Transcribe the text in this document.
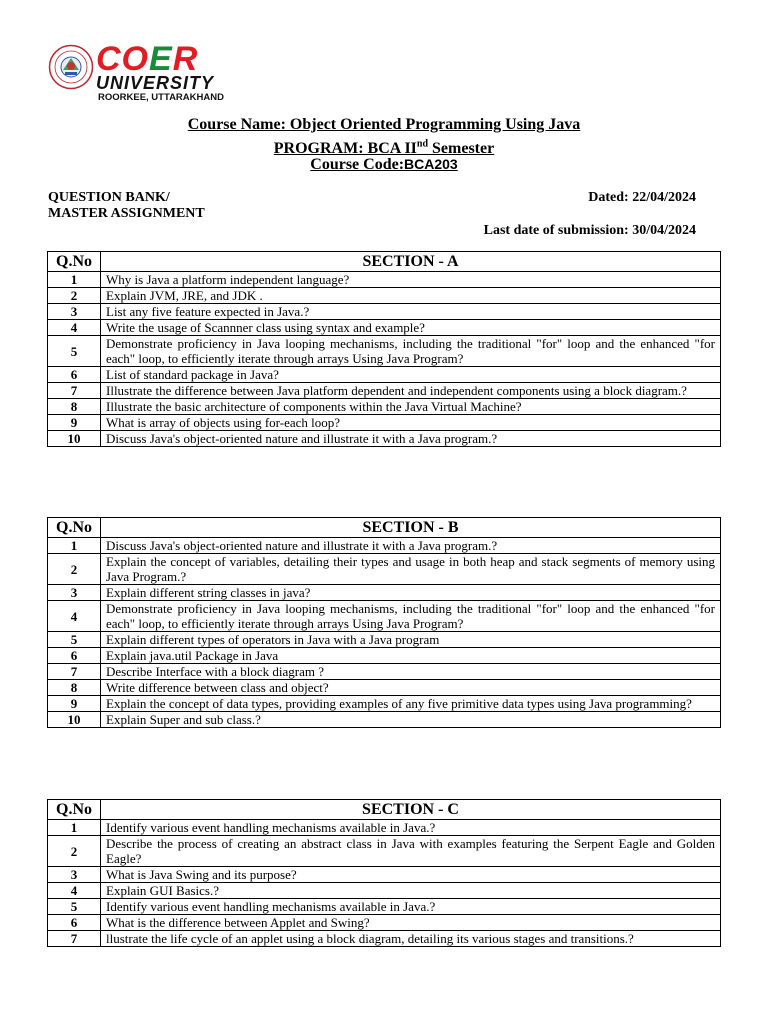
COER
UNIVERSITY
ROORKEE, UTTARAKHAND
Course Name: Object Oriented Programming Using Java
PROGRAM: BCA IInd Semester
Course Code:BCA203
QUESTION BANK/
MASTER ASSIGNMENT
Dated: 22/04/2024
Last date of submission: 30/04/2024
Q.No	SECTION - A
1	Why is Java a platform independent language?
2	Explain JVM, JRE, and JDK .
3	List any five feature expected in Java.?
4	Write the usage of Scannner class using syntax and example?
5	Demonstrate proficiency in Java looping mechanisms, including the traditional "for" loop and the enhanced "for each" loop, to efficiently iterate through arrays Using Java Program?
6	List of standard package in Java?
7	Illustrate the difference between Java platform dependent and independent components using a block diagram.?
8	Illustrate the basic architecture of components within the Java Virtual Machine?
9	What is array of objects using for-each loop?
10	Discuss Java's object-oriented nature and illustrate it with a Java program.?
Q.No	SECTION - B
1	Discuss Java's object-oriented nature and illustrate it with a Java program.?
2	Explain the concept of variables, detailing their types and usage in both heap and stack segments of memory using Java Program.?
3	Explain different string classes in java?
4	Demonstrate proficiency in Java looping mechanisms, including the traditional "for" loop and the enhanced "for each" loop, to efficiently iterate through arrays Using Java Program?
5	Explain different types of operators in Java with a Java program
6	Explain java.util Package in Java
7	Describe Interface with a block diagram ?
8	Write difference between class and object?
9	Explain the concept of data types, providing examples of any five primitive data types using Java programming?
10	Explain Super and sub class.?
Q.No	SECTION - C
1	Identify various event handling mechanisms available in Java.?
2	Describe the process of creating an abstract class in Java with examples featuring the Serpent Eagle and Golden Eagle?
3	What is Java Swing and its purpose?
4	Explain GUI Basics.?
5	Identify various event handling mechanisms available in Java.?
6	What is the difference between Applet and Swing?
7	llustrate the life cycle of an applet using a block diagram, detailing its various stages and transitions.?
